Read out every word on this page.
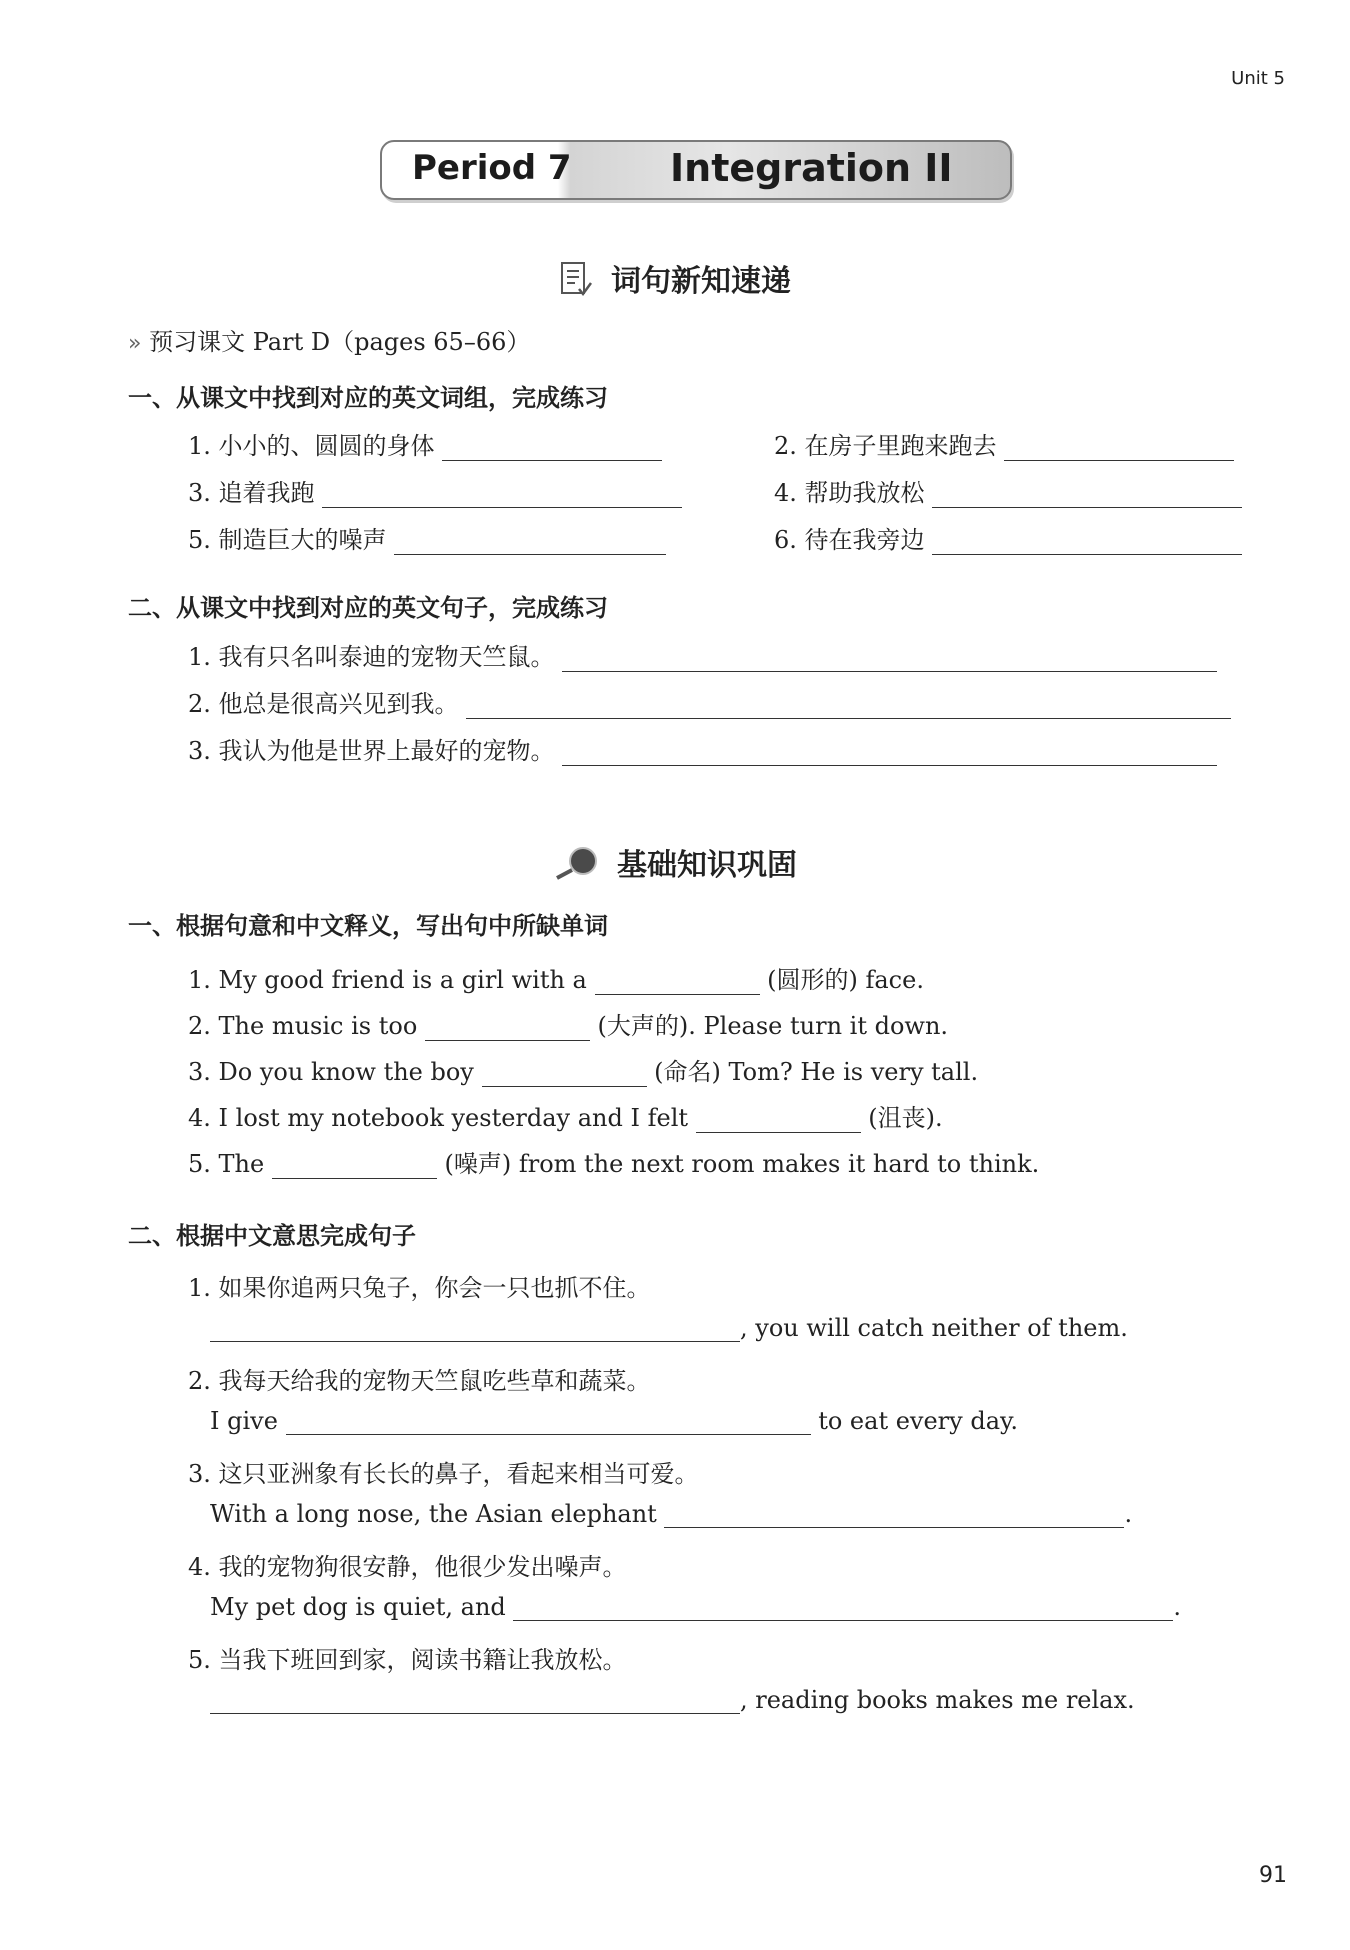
Unit 5
Period 7	Integration II
词句新知速递
» 预习课文 Part D（pages 65–66）
一、从课文中找到对应的英文词组，完成练习
1. 小小的、圆圆的身体	2. 在房子里跑来跑去
3. 追着我跑	4. 帮助我放松
5. 制造巨大的噪声	6. 待在我旁边
二、从课文中找到对应的英文句子，完成练习
1. 我有只名叫泰迪的宠物天竺鼠。
2. 他总是很高兴见到我。
3. 我认为他是世界上最好的宠物。
基础知识巩固
一、根据句意和中文释义，写出句中所缺单词
1. My good friend is a girl with a	(圆形的) face.
2. The music is too	(大声的). Please turn it down.
3. Do you know the boy	(命名) Tom? He is very tall.
4. I lost my notebook yesterday and I felt	(沮丧).
5. The	(噪声) from the next room makes it hard to think.
二、根据中文意思完成句子
1. 如果你追两只兔子，你会一只也抓不住。
, you will catch neither of them.
2. 我每天给我的宠物天竺鼠吃些草和蔬菜。
I give	to eat every day.
3. 这只亚洲象有长长的鼻子，看起来相当可爱。
With a long nose, the Asian elephant	.
4. 我的宠物狗很安静，他很少发出噪声。
My pet dog is quiet, and	.
5. 当我下班回到家，阅读书籍让我放松。
, reading books makes me relax.
91
